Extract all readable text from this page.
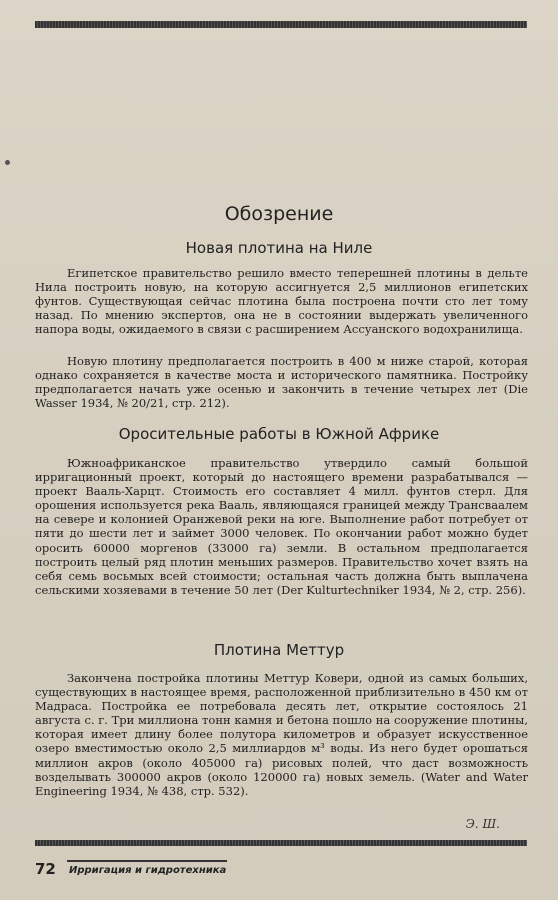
Обозрение
Новая плотина на Ниле

Египетское правительство решило вместо теперешней плотины в дельте Нила построить новую, на которую ассигнуется 2,5 миллионов египетских фунтов. Существующая сейчас плотина была построена почти сто лет тому назад. По мнению экспертов, она не в состоянии выдержать увеличенного напора воды, ожидаемого в связи с расширением Ассуанского водохранилища.

Новую плотину предполагается построить в 400 м ниже старой, которая однако сохраняется в качестве моста и исторического памятника. Постройку предполагается начать уже осенью и закончить в течение четырех лет (Die Wasser 1934, № 20/21, стр. 212).

Оросительные работы в Южной Африке

Южноафриканское правительство утвердило самый большой ирригационный проект, который до настоящего времени разрабатывался — проект Вааль-Харцт. Стоимость его составляет 4 милл. фунтов стерл. Для орошения используется река Вааль, являющаяся границей между Трансваалем на севере и колонией Оранжевой реки на юге. Выполнение работ потребует от пяти до шести лет и займет 3000 человек. По окончании работ можно будет оросить 60000 моргенов (33000 га) земли. В остальном предполагается построить целый ряд плотин меньших размеров. Правительство хочет взять на себя семь восьмых всей стоимости; остальная часть должна быть выплачена сельскими хозяевами в течение 50 лет (Der Kulturtechniker 1934, № 2, стр. 256).

Плотина Меттур

Закончена постройка плотины Меттур Ковери, одной из самых больших, существующих в настоящее время, расположенной приблизительно в 450 км от Мадраса. Постройка ее потребовала десять лет, открытие состоялось 21 августа с. г. Три миллиона тонн камня и бетона пошло на сооружение плотины, которая имеет длину более полутора километров и образует искусственное озеро вместимостью около 2,5 миллиардов м³ воды. Из него будет орошаться миллион акров (около 405000 га) рисовых полей, что даст возможность возделывать 300000 акров (около 120000 га) новых земель. (Water and Water Engineering 1934, № 438, стр. 532).

Э. Ш.
72 Ирригация и гидротехника
